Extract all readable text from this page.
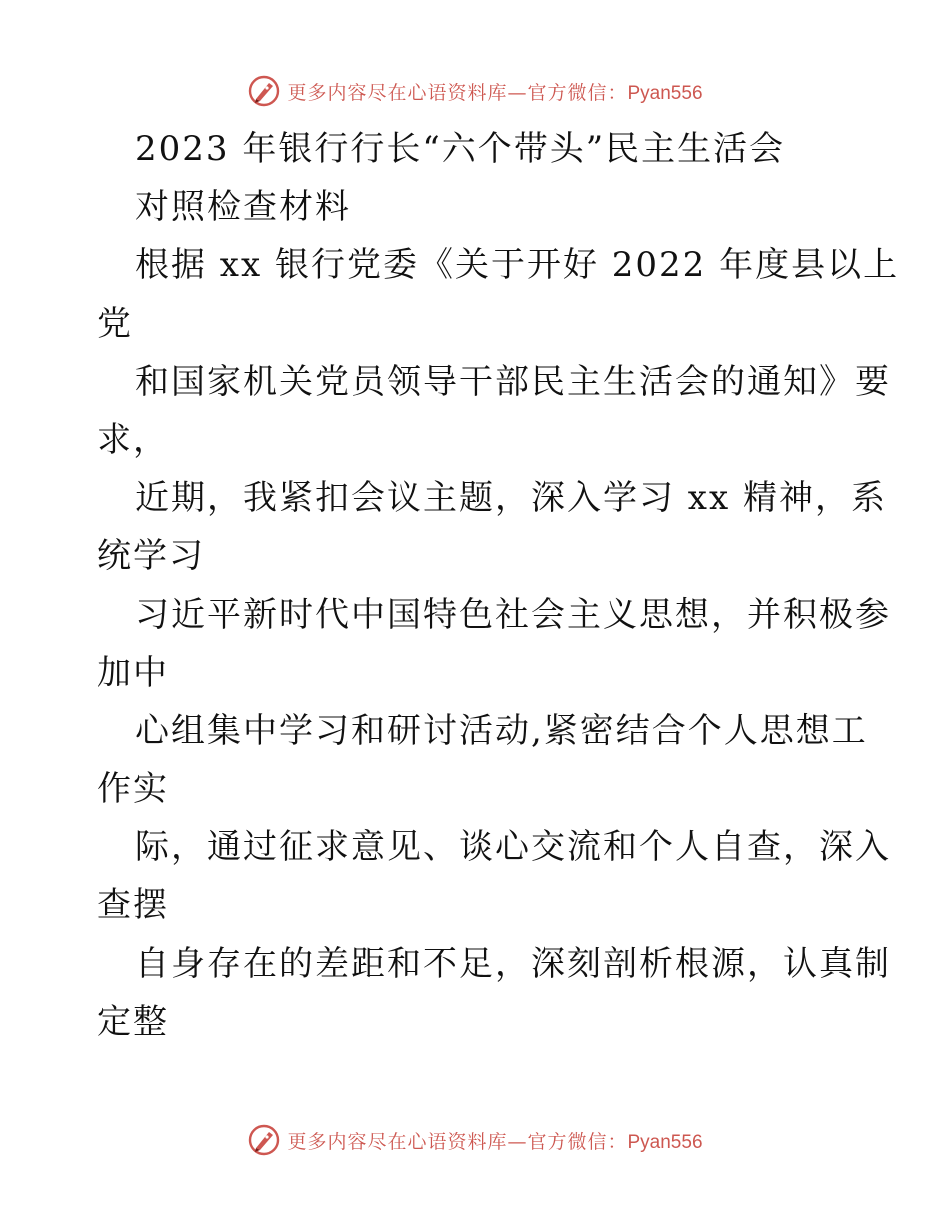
更多内容尽在心语资料库—官方微信：Pyan556
2023 年银行行长“六个带头”民主生活会
对照检查材料
根据 xx 银行党委《关于开好 2022 年度县以上
党
和国家机关党员领导干部民主生活会的通知》要
求，
近期，我紧扣会议主题，深入学习 xx 精神，系
统学习
习近平新时代中国特色社会主义思想，并积极参
加中
心组集中学习和研讨活动,紧密结合个人思想工
作实
际，通过征求意见、谈心交流和个人自查，深入
查摆
自身存在的差距和不足，深刻剖析根源，认真制
定整
更多内容尽在心语资料库—官方微信：Pyan556
